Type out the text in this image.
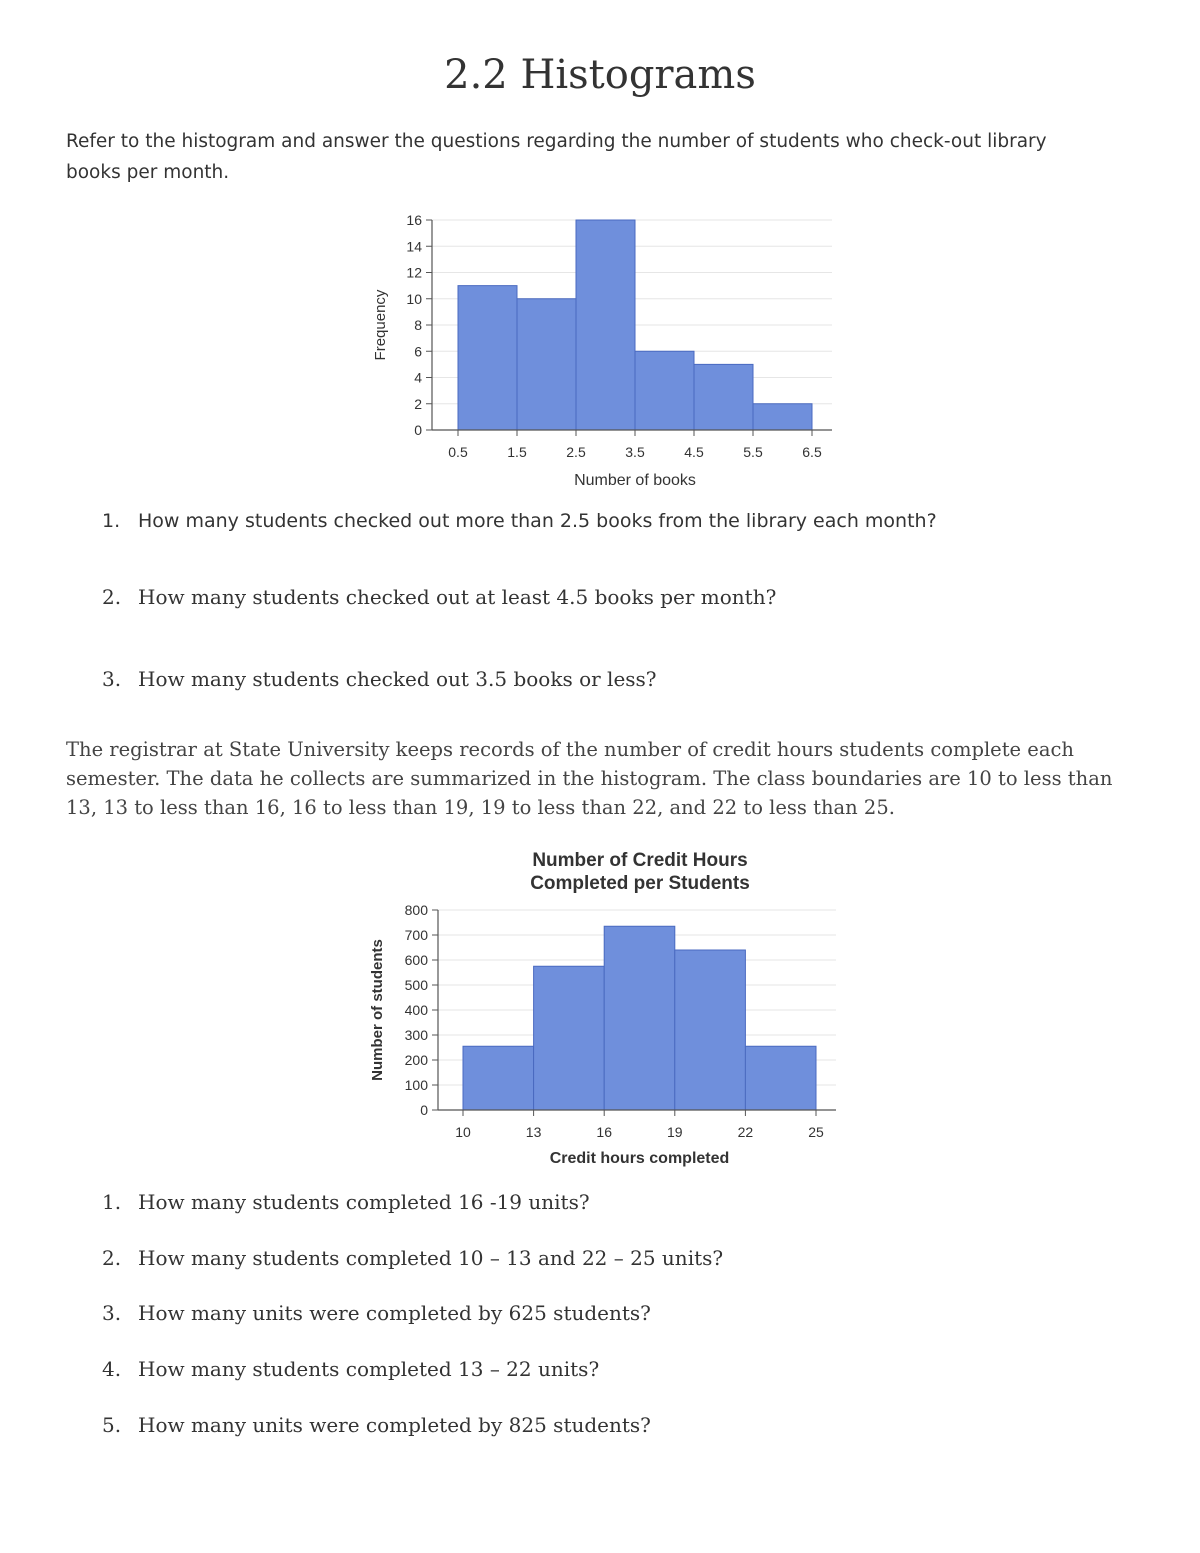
2.2 Histograms
Refer to the histogram and answer the questions regarding the number of students who check-out library books per month.
1. How many students checked out more than 2.5 books from the library each month?
2. How many students checked out at least 4.5 books per month?
3. How many students checked out 3.5 books or less?
The registrar at State University keeps records of the number of credit hours students complete each semester. The data he collects are summarized in the histogram. The class boundaries are 10 to less than 13, 13 to less than 16, 16 to less than 19, 19 to less than 22, and 22 to less than 25.
1. How many students completed 16 -19 units?
2. How many students completed 10 – 13 and 22 – 25 units?
3. How many units were completed by 625 students?
4. How many students completed 13 – 22 units?
5. How many units were completed by 825 students?
0
2
4
6
8
10
12
14
16
0.5	1.5	2.5	3.5	4.5	5.5	6.5
Number of books
Frequency
0
100
200
300
400
500
600
700
800
10	13	16	19	22	25
Credit hours completed
Number of students
Number of Credit Hours
Completed per Students
